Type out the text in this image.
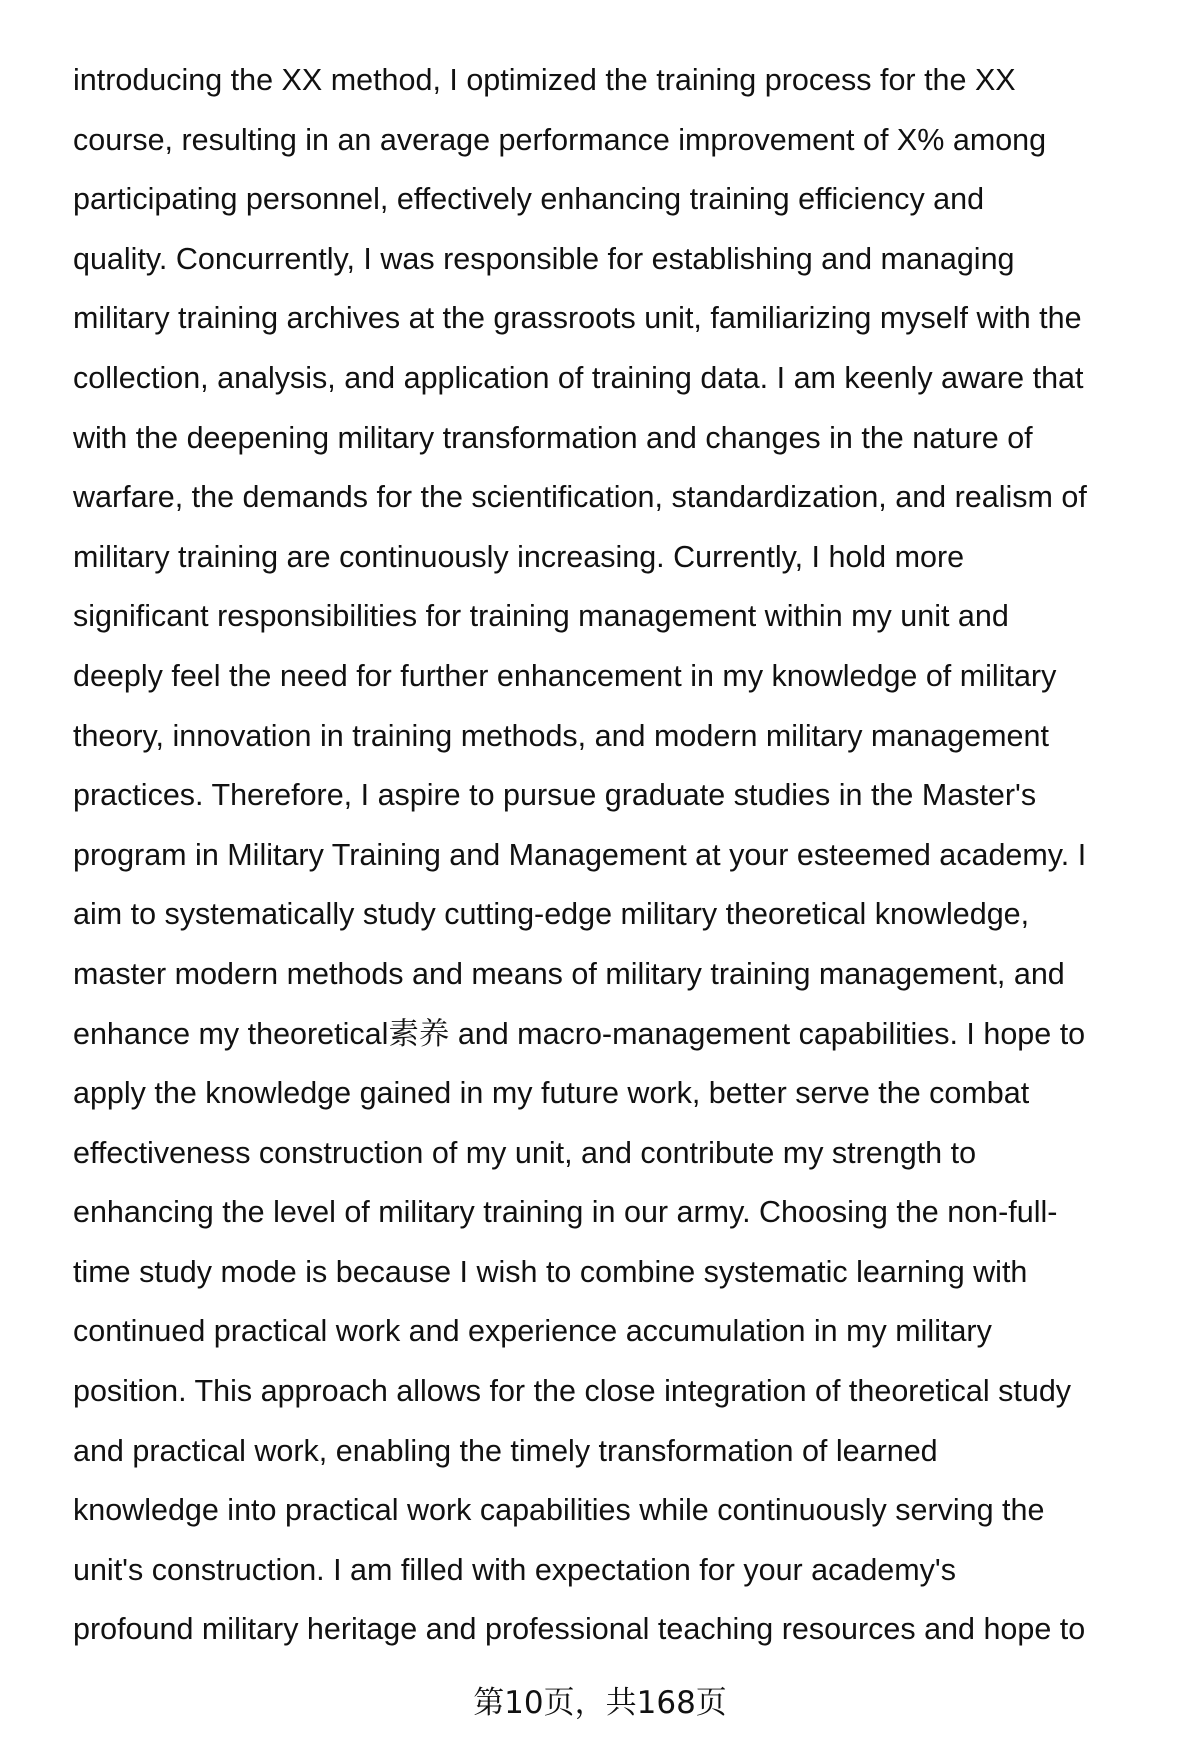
introducing the XX method, I optimized the training process for the XX
course, resulting in an average performance improvement of X% among
participating personnel, effectively enhancing training efficiency and
quality. Concurrently, I was responsible for establishing and managing
military training archives at the grassroots unit, familiarizing myself with the
collection, analysis, and application of training data. I am keenly aware that
with the deepening military transformation and changes in the nature of
warfare, the demands for the scientification, standardization, and realism of
military training are continuously increasing. Currently, I hold more
significant responsibilities for training management within my unit and
deeply feel the need for further enhancement in my knowledge of military
theory, innovation in training methods, and modern military management
practices. Therefore, I aspire to pursue graduate studies in the Master's
program in Military Training and Management at your esteemed academy. I
aim to systematically study cutting-edge military theoretical knowledge,
master modern methods and means of military training management, and
enhance my theoretical素养 and macro-management capabilities. I hope to
apply the knowledge gained in my future work, better serve the combat
effectiveness construction of my unit, and contribute my strength to
enhancing the level of military training in our army. Choosing the non-full-
time study mode is because I wish to combine systematic learning with
continued practical work and experience accumulation in my military
position. This approach allows for the close integration of theoretical study
and practical work, enabling the timely transformation of learned
knowledge into practical work capabilities while continuously serving the
unit's construction. I am filled with expectation for your academy's
profound military heritage and professional teaching resources and hope to
第10页，共168页
